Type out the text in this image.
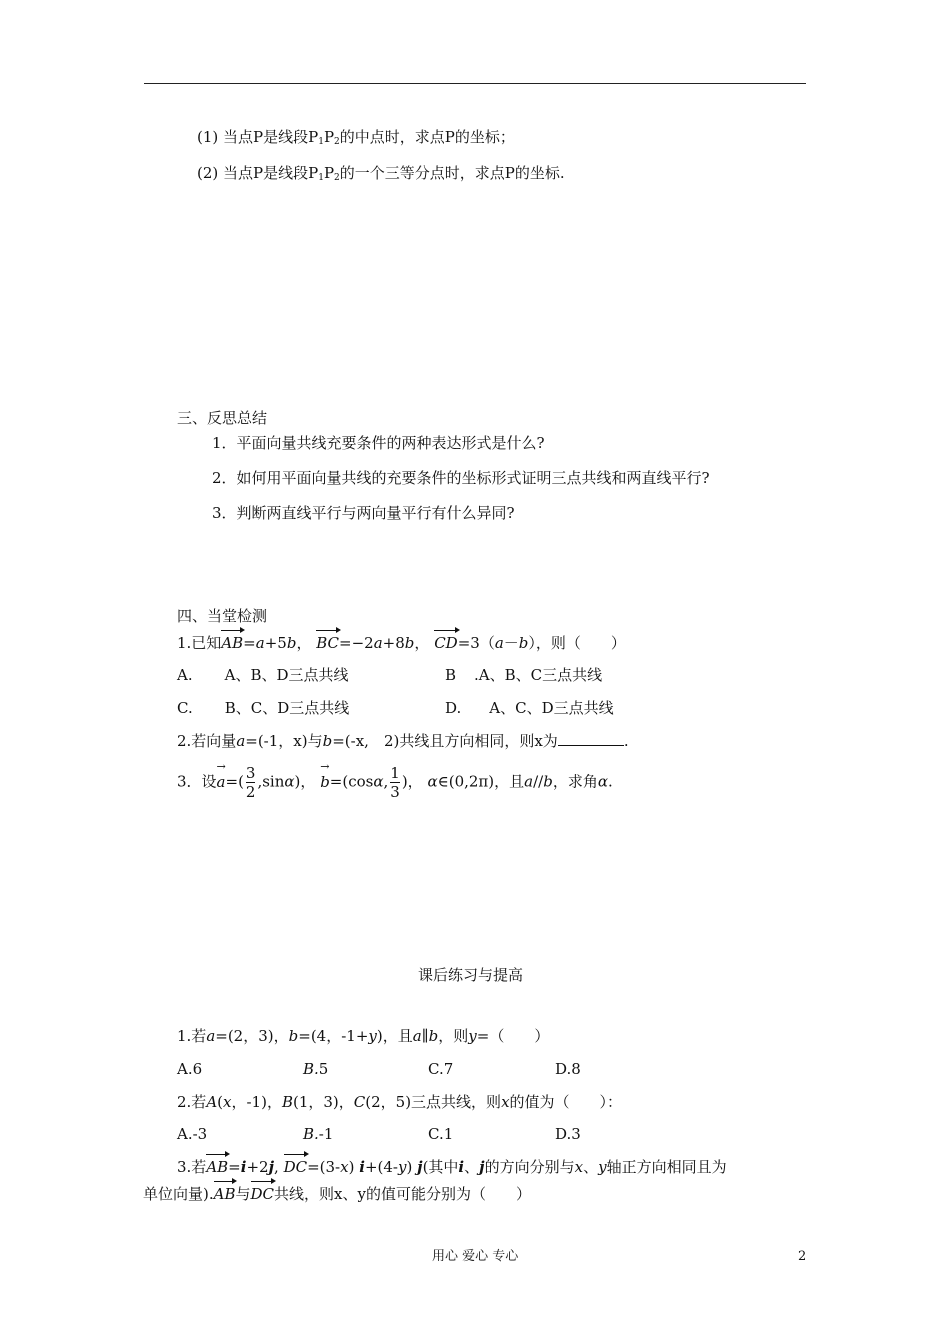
(1) 当点P是线段$P_1P_2$的中点时，求点P的坐标；
(2) 当点P是线段$P_1P_2$的一个三等分点时，求点P的坐标.
三、反思总结
1．平面向量共线充要条件的两种表达形式是什么?
2．如何用平面向量共线的充要条件的坐标形式证明三点共线和两直线平行?
3．判断两直线平行与两向量平行有什么异同?
四、当堂检测
1.已知AB=a+5b， BC=−2a+8b， CD=3（a－b），则（　　）
A. A、B、D三点共线	B .A、B、C三点共线
C. B、C、D三点共线	D. A、C、D三点共线
2.若向量a=(-1，x)与b=(-x,　2)共线且方向相同，则x为	.
3．设→ $a=( \frac{3}{2} ,\sin\alpha)$， → b=(cosα, $\frac{1}{3}$ )， α∈(0,2π)，且a//b，求角α.
课后练习与提高
1.若a=(2，3)，b=(4，-1+y)，且a∥b，则y=（　　）
A.6	B.5	C.7	D.8
2.若A(x，-1)，B(1，3)，C(2，5)三点共线，则x的值为（　　）：
A.-3	B.-1	C.1	D.3
3.若AB=i+2j, DC=(3-x) i+(4-y) j(其中i、j的方向分别与x、y轴正方向相同且为
单位向量).AB与DC共线，则x、y的值可能分别为（　　）
用心 爱心 专心	2
